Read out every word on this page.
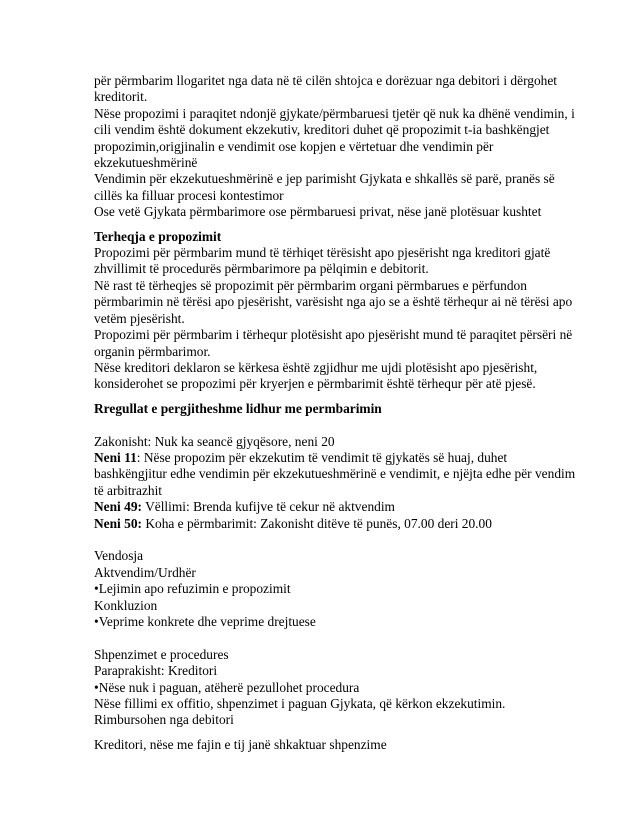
për përmbarim llogaritet nga data në të cilën shtojca e dorëzuar nga debitori i dërgohet
kreditorit.
Nëse propozimi i paraqitet ndonjë gjykate/përmbaruesi tjetër që nuk ka dhënë vendimin, i
cili vendim është dokument ekzekutiv, kreditori duhet që propozimit t-ia bashkëngjet
propozimin,origjinalin e vendimit ose kopjen e vërtetuar dhe vendimin për
ekzekutueshmërinë
Vendimin për ekzekutueshmërinë e jep parimisht Gjykata e shkallës së parë, pranës së
cillës ka filluar procesi kontestimor
Ose vetë Gjykata përmbarimore ose përmbaruesi privat, nëse janë plotësuar kushtet
Terheqja e propozimit
Propozimi për përmbarim mund të tërhiqet tërësisht apo pjesërisht nga kreditori gjatë
zhvillimit të procedurës përmbarimore pa pëlqimin e debitorit.
Në rast të tërheqjes së propozimit për përmbarim organi përmbarues e përfundon
përmbarimin në tërësi apo pjesërisht, varësisht nga ajo se a është tërhequr ai në tërësi apo
vetëm pjesërisht.
Propozimi për përmbarim i tërhequr plotësisht apo pjesërisht mund të paraqitet përsëri në
organin përmbarimor.
Nëse kreditori deklaron se kërkesa është zgjidhur me ujdi plotësisht apo pjesërisht,
konsiderohet se propozimi për kryerjen e përmbarimit është tërhequr për atë pjesë.
Rregullat e pergjitheshme lidhur me permbarimin
Zakonisht: Nuk ka seancë gjyqësore, neni 20
Neni 11: Nëse propozim për ekzekutim të vendimit të gjykatës së huaj, duhet
bashkëngjitur edhe vendimin për ekzekutueshmërinë e vendimit, e njëjta edhe për vendim
të arbitrazhit
Neni 49: Vëllimi: Brenda kufijve të cekur në aktvendim
Neni 50: Koha e përmbarimit: Zakonisht ditëve të punës, 07.00 deri 20.00
Vendosja
Aktvendim/Urdhër
•Lejimin apo refuzimin e propozimit
Konkluzion
•Veprime konkrete dhe veprime drejtuese
Shpenzimet e procedures
Paraprakisht: Kreditori
•Nëse nuk i paguan, atëherë pezullohet procedura
Nëse fillimi ex offitio, shpenzimet i paguan Gjykata, që kërkon ekzekutimin.
Rimbursohen nga debitori
Kreditori, nëse me fajin e tij janë shkaktuar shpenzime
